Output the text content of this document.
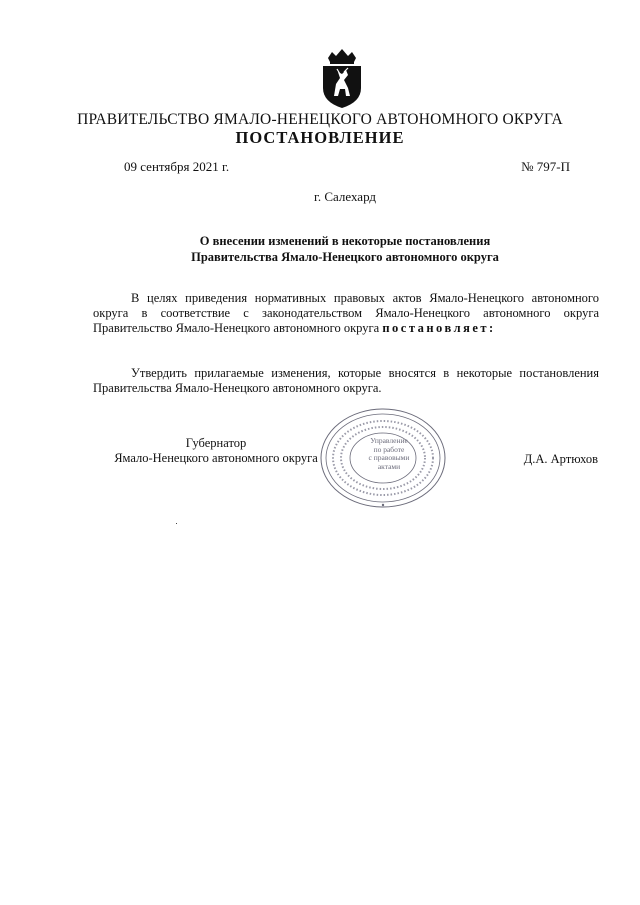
ПРАВИТЕЛЬСТВО ЯМАЛО-НЕНЕЦКОГО АВТОНОМНОГО ОКРУГА
ПОСТАНОВЛЕНИЕ
09 сентября 2021 г.	№ 797-П
г. Салехард
О внесении изменений в некоторые постановления
Правительства Ямало-Ненецкого автономного округа
В целях приведения нормативных правовых актов Ямало-Ненецкого автономного округа в соответствие с законодательством Ямало-Ненецкого автономного округа Правительство Ямало-Ненецкого автономного округа постановляет:
Утвердить прилагаемые изменения, которые вносятся в некоторые постановления Правительства Ямало-Ненецкого автономного округа.
Губернатор
Ямало-Ненецкого автономного округа	Д.А. Артюхов
Управление
по работе
с правовыми
актами
